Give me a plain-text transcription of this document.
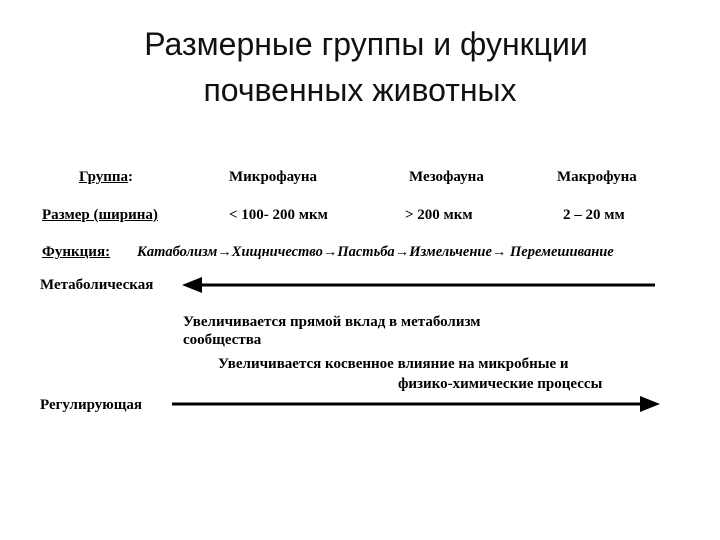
Размерные группы и функции
почвенных животных
Группа:	Микрофауна	Мезофауна	Макрофуна
Размер (ширина)	< 100- 200 мкм	> 200 мкм	2 – 20 мм
Функция: Катаболизм→Хищничество→Пастьба→Измельчение→ Перемешивание
Метаболическая
Увеличивается прямой вклад в метаболизм
сообщества
Увеличивается косвенное влияние на микробные и
физико-химические процессы
Регулирующая
